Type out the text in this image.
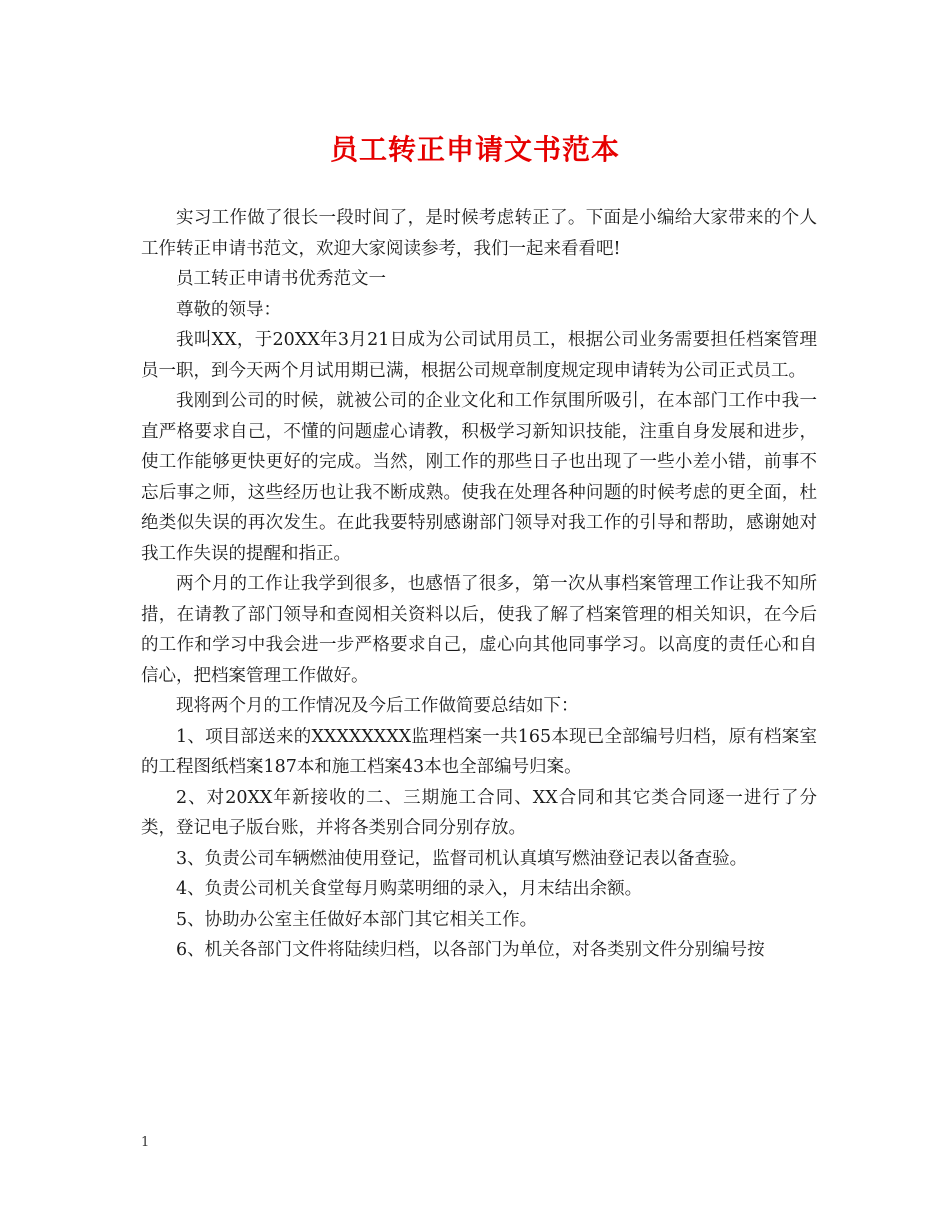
员工转正申请文书范本

实习工作做了很长一段时间了，是时候考虑转正了。下面是小编给大家带来的个人工作转正申请书范文，欢迎大家阅读参考，我们一起来看看吧!

员工转正申请书优秀范文一

尊敬的领导：

我叫XX，于20XX年3月21日成为公司试用员工，根据公司业务需要担任档案管理员一职，到今天两个月试用期已满，根据公司规章制度规定现申请转为公司正式员工。

我刚到公司的时候，就被公司的企业文化和工作氛围所吸引，在本部门工作中我一直严格要求自己，不懂的问题虚心请教，积极学习新知识技能，注重自身发展和进步，使工作能够更快更好的完成。当然，刚工作的那些日子也出现了一些小差小错，前事不忘后事之师，这些经历也让我不断成熟。使我在处理各种问题的时候考虑的更全面，杜绝类似失误的再次发生。在此我要特别感谢部门领导对我工作的引导和帮助，感谢她对我工作失误的提醒和指正。

两个月的工作让我学到很多，也感悟了很多，第一次从事档案管理工作让我不知所措，在请教了部门领导和查阅相关资料以后，使我了解了档案管理的相关知识，在今后的工作和学习中我会进一步严格要求自己，虚心向其他同事学习。以高度的责任心和自信心，把档案管理工作做好。

现将两个月的工作情况及今后工作做简要总结如下：

1、项目部送来的XXXXXXXX监理档案一共165本现已全部编号归档，原有档案室的工程图纸档案187本和施工档案43本也全部编号归案。

2、对20XX年新接收的二、三期施工合同、XX合同和其它类合同逐一进行了分类，登记电子版台账，并将各类别合同分别存放。

3、负责公司车辆燃油使用登记，监督司机认真填写燃油登记表以备查验。

4、负责公司机关食堂每月购菜明细的录入，月末结出余额。

5、协助办公室主任做好本部门其它相关工作。

6、机关各部门文件将陆续归档，以各部门为单位，对各类别文件分别编号按

1
